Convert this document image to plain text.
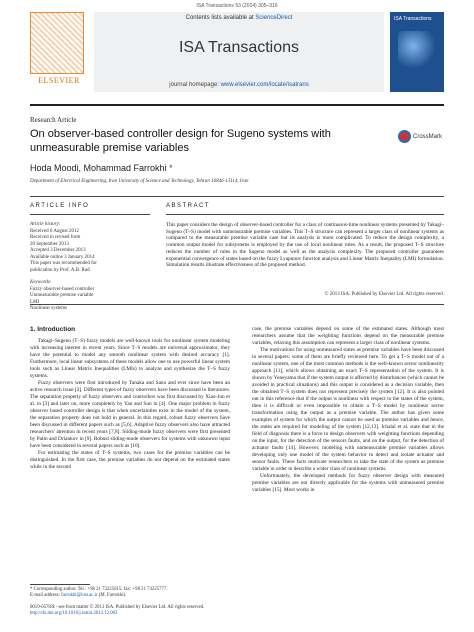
ISA Transactions 53 (2014) 305–316
ELSEVIER
Contents lists available at ScienceDirect
ISA Transactions
journal homepage: www.elsevier.com/locate/isatrans
ISA Transactions
Research Article
On observer-based controller design for Sugeno systems with unmeasurable premise variables
CrossMark
Hoda Moodi, Mohammad Farrokhi *
Department of Electrical Engineering, Iran University of Science and Technology, Tehran 16846-13114, Iran
ARTICLE INFO	ABSTRACT
Article history:
Received 6 August 2012
Received in revised form
20 September 2013
Accepted 3 December 2013
Available online 3 January 2014
This paper was recommended for
publication by Prof. A.B. Rad
Keywords:
Fuzzy observer-based controller
Unmeasurable premise variable
LMI
Nonlinear systems
This paper considers the design of observer-based controller for a class of continuous-time nonlinear systems presented by Takagi–Sugeno (T–S) model with unmeasurable premise variables. This T–S structure can represent a larger class of nonlinear systems as compared to the measurable premise variable case but its analysis is more complicated. To reduce the design complexity, a common output model for subsystems is employed by the use of local nonlinear rules. As a result, the proposed T–S structure reduces the number of rules in the Sugeno model as well as the analysis complexity. The proposed controller guarantees exponential convergence of states based on the fuzzy Lyapunov function analysis and Linear Matrix Inequality (LMI) formulation. Simulation results illustrate effectiveness of the proposed method.
© 2013 ISA. Published by Elsevier Ltd. All rights reserved.
1. Introduction

Takagi–Sugeno (T–S) fuzzy models are well-known tools for nonlinear system modeling with increasing interest in recent years. Since T–S models are universal approximator, they have the potential to model any smooth nonlinear system with desired accuracy [1]. Furthermore, local linear subsystems of these models allow one to use powerful linear system tools such as Linear Matrix Inequalities (LMIs) to analyze and synthesize the T–S fuzzy systems.

Fuzzy observers were first introduced by Tanaka and Sano and ever since have been an active research issue [2]. Different types of fuzzy observers have been discussed in literatures. The separation property of fuzzy observers and controllers was first discussed by Xiao-Jun et al. in [3] and later on, more completely by Yan and Sun in [4]. One major problem in fuzzy observer based controller design is that when uncertainties exist in the model of the system, the separation property does not hold in general. In this regard, robust fuzzy observers have been discussed in different papers such as [5,6]. Adaptive fuzzy observers also have attracted researchers' attention in recent years [7,8]. Sliding-mode fuzzy observers were first presented by Palm and Driankov in [9]. Robust sliding-mode observers for systems with unknown input have been considered in several papers such as [10].

For estimating the states of T–S systems, two cases for the premise variables can be distinguished. In the first case, the premise variables do not depend on the estimated states while in the second

case, the premise variables depend on some of the estimated states. Although most researchers assume that the weighting functions depend on the measurable premise variables, relaxing this assumption can represent a larger class of nonlinear systems.

The motivations for using unmeasured states as premise variables have been discussed in several papers; some of them are briefly reviewed here. To get a T–S model out of a nonlinear system, one of the most common methods is the well-known sector nonlinearity approach [11], which allows obtaining an exact T–S representation of the system. It is shown by Yoneyama that if the system output is affected by disturbances (which cannot be avoided in practical situations) and this output is considered as a decision variable, then the obtained T–S system does not represent precisely the system [12]. It is also pointed out in this reference that if the output is nonlinear with respect to the states of the system, then it is difficult or even impossible to obtain a T–S model by nonlinear sector transformation using the output as a premise variable. The author has given some examples of system for which the output cannot be used as premise variables and hence, the states are required for modeling of the system [12,13]. Ichalal et al. state that in the field of diagnosis there is a force to design observers with weighting functions depending on the input, for the detection of the sensors faults, and on the output, for the detection of actuator faults [14]. However, modeling with unmeasurable premise variables allows developing only one model of the system behavior to detect and isolate actuator and sensor faults. These facts motivate researchers to take the state of the system as premise variable in order to describe a wider class of nonlinear systems.

Unfortunately, the developed methods for fuzzy observer design with measured premise variables are not directly applicable for the systems with unmeasured premise variables [15]. Most works in

* Corresponding author. Tel.: +98 21 73225615; fax: +98 21 73225777.
E-mail address: farrokhi@iust.ac.ir (M. Farrokhi).
0019-0578/$ - see front matter © 2013 ISA. Published by Elsevier Ltd. All rights reserved.
http://dx.doi.org/10.1016/j.isatra.2013.12.003
